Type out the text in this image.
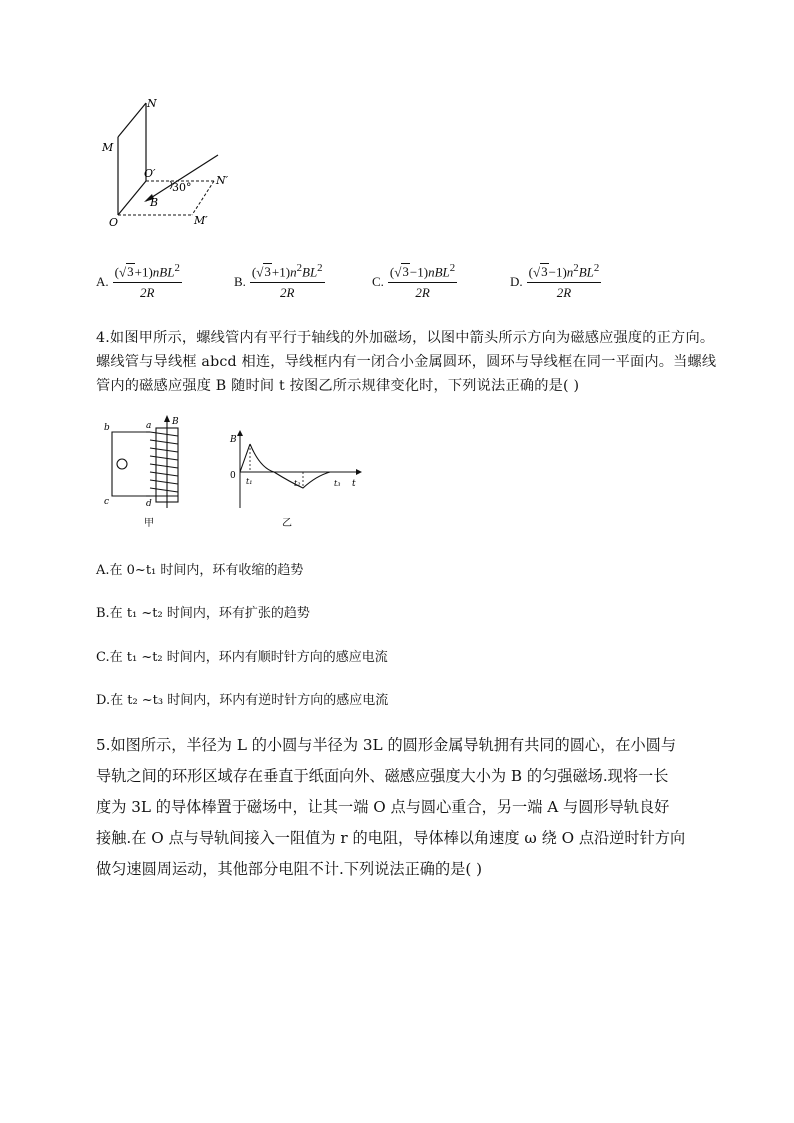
N
M
O′
N′
B
30°
O	M′
A. $\frac{(√3+1)nBL^2}{2R}$	B. $\frac{(√3+1)n^2BL^2}{2R}$	C. $\frac{(√3-1)nBL^2}{2R}$	D. $\frac{(√3-1)n^2BL^2}{2R}$

4.如图甲所示，螺线管内有平行于轴线的外加磁场，以图中箭头所示方向为磁感应强度的正方向。

螺线管与导线框 abcd 相连，导线框内有一闭合小金属圆环，圆环与导线框在同一平面内。当螺线

管内的磁感应强度 B 随时间 t 按图乙所示规律变化时，下列说法正确的是( )

b	a
c	d
B
甲
B
0
t₁	t₂	t₃ t
乙
A.在 0~t₁ 时间内，环有收缩的趋势
B.在 t₁ ~t₂ 时间内，环有扩张的趋势
C.在 t₁ ~t₂ 时间内，环内有顺时针方向的感应电流
D.在 t₂ ~t₃ 时间内，环内有逆时针方向的感应电流

5.如图所示，半径为 L 的小圆与半径为 3L 的圆形金属导轨拥有共同的圆心，在小圆与

导轨之间的环形区域存在垂直于纸面向外、磁感应强度大小为 B 的匀强磁场.现将一长

度为 3L 的导体棒置于磁场中，让其一端 O 点与圆心重合，另一端 A 与圆形导轨良好

接触.在 O 点与导轨间接入一阻值为 r 的电阻，导体棒以角速度 ω 绕 O 点沿逆时针方向

做匀速圆周运动，其他部分电阻不计.下列说法正确的是( )
